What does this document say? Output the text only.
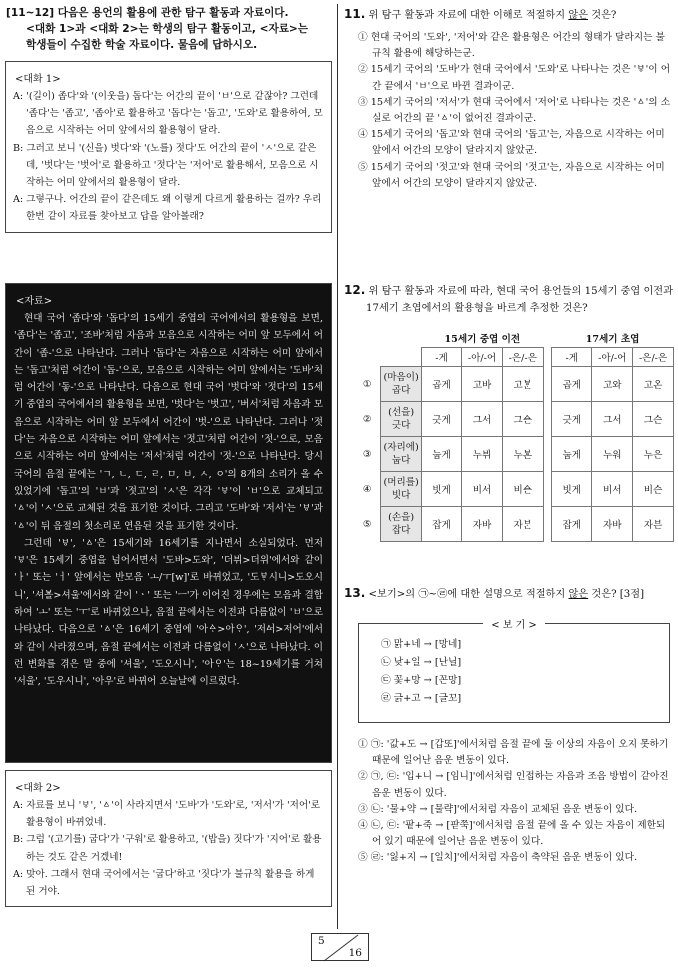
[11~12] 다음은 용언의 활용에 관한 탐구 활동과 자료이다.

<대화 1>과 <대화 2>는 학생의 탐구 활동이고, <자료>는

학생들이 수집한 학술 자료이다. 물음에 답하시오.

<대화 1>

A: '(길이) 좁다'와 '(이웃을) 돕다'는 어간의 끝이 'ㅂ'으로 같잖아? 그런데 '좁다'는 '좁고', '좁아'로 활용하고 '돕다'는 '돕고', '도와'로 활용하여, 모음으로 시작하는 어미 앞에서의 활용형이 달라.

B: 그러고 보니 '(신을) 벗다'와 '(노를) 젓다'도 어간의 끝이 'ㅅ'으로 같은데, '벗다'는 '벗어'로 활용하고 '젓다'는 '저어'로 활용해서, 모음으로 시작하는 어미 앞에서의 활용형이 달라.

A: 그렇구나. 어간의 끝이 같은데도 왜 이렇게 다르게 활용하는 걸까? 우리 한번 같이 자료를 찾아보고 답을 알아볼래?

<자료>

현대 국어 '좁다'와 '돕다'의 15세기 중엽의 국어에서의 활용형을 보면, '좁다'는 '좁고', '조바'처럼 자음과 모음으로 시작하는 어미 앞 모두에서 어간이 '좁-'으로 나타난다. 그러나 '돕다'는 자음으로 시작하는 어미 앞에서는 '돕고'처럼 어간이 '돕-'으로, 모음으로 시작하는 어미 앞에서는 '도바'처럼 어간이 '돟-'으로 나타난다. 다음으로 현대 국어 '벗다'와 '젓다'의 15세기 중엽의 국어에서의 활용형을 보면, '벗다'는 '벗고', '버서'처럼 자음과 모음으로 시작하는 어미 앞 모두에서 어간이 '벗-'으로 나타난다. 그러나 '젓다'는 자음으로 시작하는 어미 앞에서는 '젓고'처럼 어간이 '젓-'으로, 모음으로 시작하는 어미 앞에서는 '저서'처럼 어간이 '젓-'으로 나타난다. 당시 국어의 음절 끝에는 'ㄱ, ㄴ, ㄷ, ㄹ, ㅁ, ㅂ, ㅅ, ㅇ'의 8개의 소리가 올 수 있었기에 '돕고'의 'ㅂ'과 '젓고'의 'ㅅ'은 각각 'ㅸ'이 'ㅂ'으로 교체되고 'ㅿ'이 'ㅅ'으로 교체된 것을 표기한 것이다. 그리고 '도바'와 '저서'는 'ㅸ'과 'ㅿ'이 뒤 음절의 첫소리로 연음된 것을 표기한 것이다.

그런데 'ㅸ', 'ㅿ'은 15세기와 16세기를 지나면서 소실되었다. 먼저 'ㅸ'은 15세기 중엽을 넘어서면서 '도바>도와', '더뷔>더위'에서와 같이 'ㅏ' 또는 'ㅓ' 앞에서는 반모음 'ㅗ/ㅜ[w]'로 바뀌었고, '도ᄫᆞ시니>도오시니', '셔ᄫᅳᆯ>셔울'에서와 같이 'ㆍ' 또는 'ㅡ'가 이어진 경우에는 모음과 결합하여 'ㅗ' 또는 'ㅜ'로 바뀌었으나, 음절 끝에서는 이전과 다름없이 'ㅂ'으로 나타났다. 다음으로 'ㅿ'은 16세기 중엽에 '아ᅀᆞ>아ᄋᆞ', '저ᅀᅥ>저어'에서와 같이 사라졌으며, 음절 끝에서는 이전과 다름없이 'ㅅ'으로 나타났다. 이런 변화를 겪은 말 중에 '셔울', '도오시니', '아ᄋᆞ'는 18~19세기를 거쳐 '서울', '도우시니', '아우'로 바뀌어 오늘날에 이르렀다.

<대화 2>

A: 자료를 보니 'ㅸ', 'ㅿ'이 사라지면서 '도바'가 '도와'로, '저서'가 '저어'로 활용형이 바뀌었네.

B: 그럼 '(고기를) 굽다'가 '구워'로 활용하고, '(밥을) 짓다'가 '지어'로 활용하는 것도 같은 거겠네!

A: 맞아. 그래서 현대 국어에서는 '굽다'하고 '짓다'가 불규칙 활용을 하게 된 거야.

11. 위 탐구 활동과 자료에 대한 이해로 적절하지 않은 것은?

① 현대 국어의 '도와', '저어'와 같은 활용형은 어간의 형태가 달라지는 불규칙 활용에 해당하는군.

② 15세기 국어의 '도바'가 현대 국어에서 '도와'로 나타나는 것은 'ㅸ'이 어간 끝에서 'ㅂ'으로 바뀐 결과이군.

③ 15세기 국어의 '저서'가 현대 국어에서 '저어'로 나타나는 것은 'ㅿ'의 소실로 어간의 끝 'ㅿ'이 없어진 결과이군.

④ 15세기 국어의 '돕고'와 현대 국어의 '돕고'는, 자음으로 시작하는 어미 앞에서 어간의 모양이 달라지지 않았군.

⑤ 15세기 국어의 '젓고'와 현대 국어의 '젓고'는, 자음으로 시작하는 어미 앞에서 어간의 모양이 달라지지 않았군.

12. 위 탐구 활동과 자료에 따라, 현대 국어 용언들의 15세기 중엽 이전과 17세기 초엽에서의 활용형을 바르게 추정한 것은?
		15세기 중엽 이전				17세기 초엽		
		-게	-아/-어	-은/-은		-게	-아/-어	-은/-은
①	(마음이) 곱다	곱게	고바	고ᄫᆞᆫ		곱게	고와	고온
②	(선을) 긋다	긋게	그서	그ᅀᅳᆫ		긋게	그서	그슨
③	(자리에) 눕다	눕게	누뷔	누ᄫᅳᆫ		눕게	누워	누은
④	(머리를) 빗다	빗게	비서	비ᅀᅳᆫ		빗게	비서	비슨
⑤	(손을) 잡다	잡게	자바	자ᄇᆞᆫ		잡게	자바	자븐
13. <보기>의 ㉠~㉣에 대한 설명으로 적절하지 않은 것은? [3점]
< 보 기 >

㉠ 맑+네 → [망네]

㉡ 낮+일 → [난닐]

㉢ 꽃+망 → [꼰망]

㉣ 긁+고 → [글꼬]

① ㉠: '값+도 → [갑또]'에서처럼 음절 끝에 둘 이상의 자음이 오지 못하기 때문에 일어난 음운 변동이 있다.

② ㉠, ㉢: '입+니 → [임니]'에서처럼 인접하는 자음과 조음 방법이 같아진 음운 변동이 있다.

③ ㉡: '물+약 → [물략]'에서처럼 자음이 교체된 음운 변동이 있다.

④ ㉡, ㉢: '팥+죽 → [팓쭉]'에서처럼 음절 끝에 올 수 있는 자음이 제한되어 있기 때문에 일어난 음운 변동이 있다.

⑤ ㉣: '잃+지 → [일치]'에서처럼 자음이 축약된 음운 변동이 있다.

5
16
